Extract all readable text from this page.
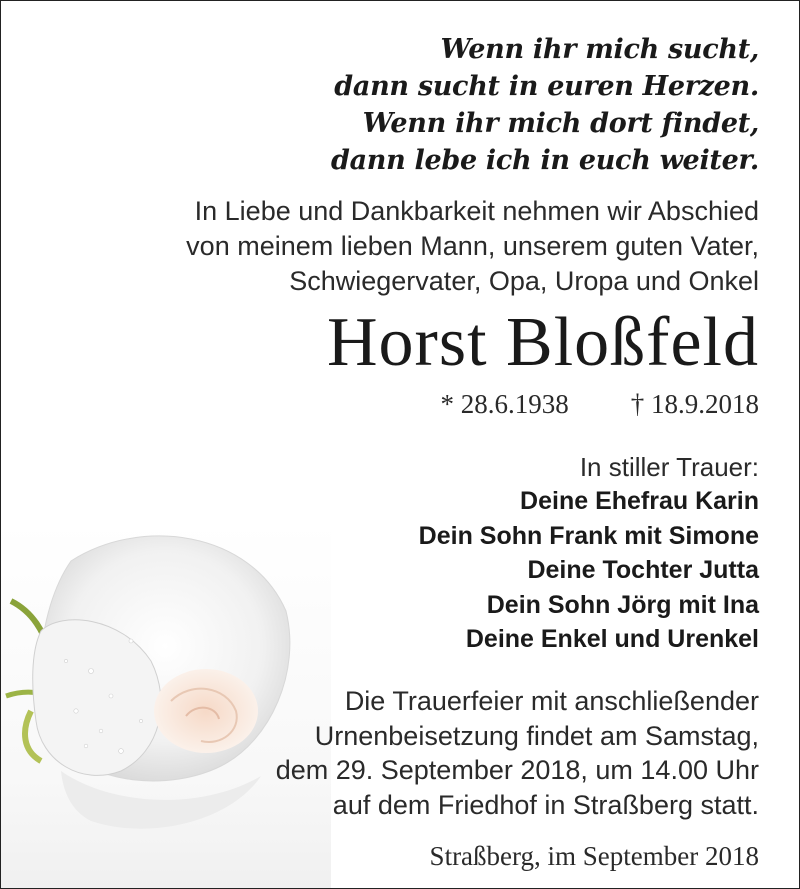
Wenn ihr mich sucht,
dann sucht in euren Herzen.
Wenn ihr mich dort findet,
dann lebe ich in euch weiter.
In Liebe und Dankbarkeit nehmen wir Abschied
von meinem lieben Mann, unserem guten Vater,
Schwiegervater, Opa, Uropa und Onkel
Horst Bloßfeld
* 28.6.1938 † 18.9.2018
In stiller Trauer:
Deine Ehefrau Karin
Dein Sohn Frank mit Simone
Deine Tochter Jutta
Dein Sohn Jörg mit Ina
Deine Enkel und Urenkel
Die Trauerfeier mit anschließender
Urnenbeisetzung findet am Samstag,
dem 29. September 2018, um 14.00 Uhr
auf dem Friedhof in Straßberg statt.
Straßberg, im September 2018
